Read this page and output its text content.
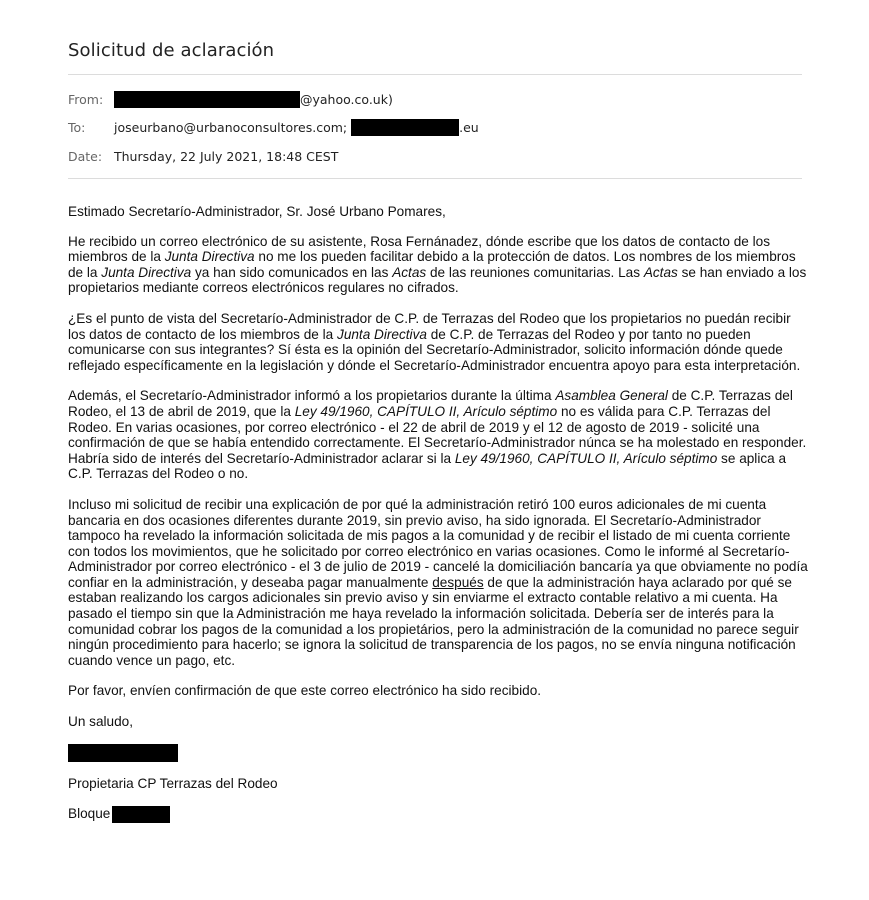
Solicitud de aclaración
From:	@yahoo.co.uk)
To:	joseurbano@urbanoconsultores.com;	.eu
Date: Thursday, 22 July 2021, 18:48 CEST

Estimado Secretarío-Administrador, Sr. José Urbano Pomares,

He recibido un correo electrónico de su asistente, Rosa Fernánadez, dónde escribe que los datos de contacto de los miembros de la Junta Directiva no me los pueden facilitar debido a la protección de datos. Los nombres de los miembros de la Junta Directiva ya han sido comunicados en las Actas de las reuniones comunitarias. Las Actas se han enviado a los propietarios mediante correos electrónicos regulares no cifrados.

¿Es el punto de vista del Secretarío-Administrador de C.P. de Terrazas del Rodeo que los propietarios no puedán recibir los datos de contacto de los miembros de la Junta Directiva de C.P. de Terrazas del Rodeo y por tanto no pueden comunicarse con sus integrantes? Sí ésta es la opinión del Secretarío-Administrador, solicito información dónde quede reflejado específicamente en la legislación y dónde el Secretarío-Administrador encuentra apoyo para esta interpretación.

Además, el Secretarío-Administrador informó a los propietarios durante la última Asamblea General de C.P. Terrazas del Rodeo, el 13 de abril de 2019, que la Ley 49/1960, CAPÍTULO II, Arículo séptimo no es válida para C.P. Terrazas del Rodeo. En varias ocasiones, por correo electrónico - el 22 de abril de 2019 y el 12 de agosto de 2019 - solicité una confirmación de que se había entendido correctamente. El Secretarío-Administrador núnca se ha molestado en responder. Habría sido de interés del Secretarío-Administrador aclarar si la Ley 49/1960, CAPÍTULO II, Arículo séptimo se aplica a C.P. Terrazas del Rodeo o no.

Incluso mi solicitud de recibir una explicación de por qué la administración retiró 100 euros adicionales de mi cuenta bancaria en dos ocasiones diferentes durante 2019, sin previo aviso, ha sido ignorada. El Secretarío-Administrador tampoco ha revelado la información solicitada de mis pagos a la comunidad y de recibir el listado de mi cuenta corriente con todos los movimientos, que he solicitado por correo electrónico en varias ocasiones. Como le informé al Secretarío-Administrador por correo electrónico - el 3 de julio de 2019 - cancelé la domiciliación bancaría ya que obviamente no podía confiar en la administración, y deseaba pagar manualmente después de que la administración haya aclarado por qué se estaban realizando los cargos adicionales sin previo aviso y sin enviarme el extracto contable relativo a mi cuenta. Ha pasado el tiempo sin que la Administración me haya revelado la información solicitada. Debería ser de interés para la comunidad cobrar los pagos de la comunidad a los propietários, pero la administración de la comunidad no parece seguir ningún procedimiento para hacerlo; se ignora la solicitud de transparencia de los pagos, no se envía ninguna notificación cuando vence un pago, etc.

Por favor, envíen confirmación de que este correo electrónico ha sido recibido.

Un saludo,

Propietaria CP Terrazas del Rodeo

Bloque
